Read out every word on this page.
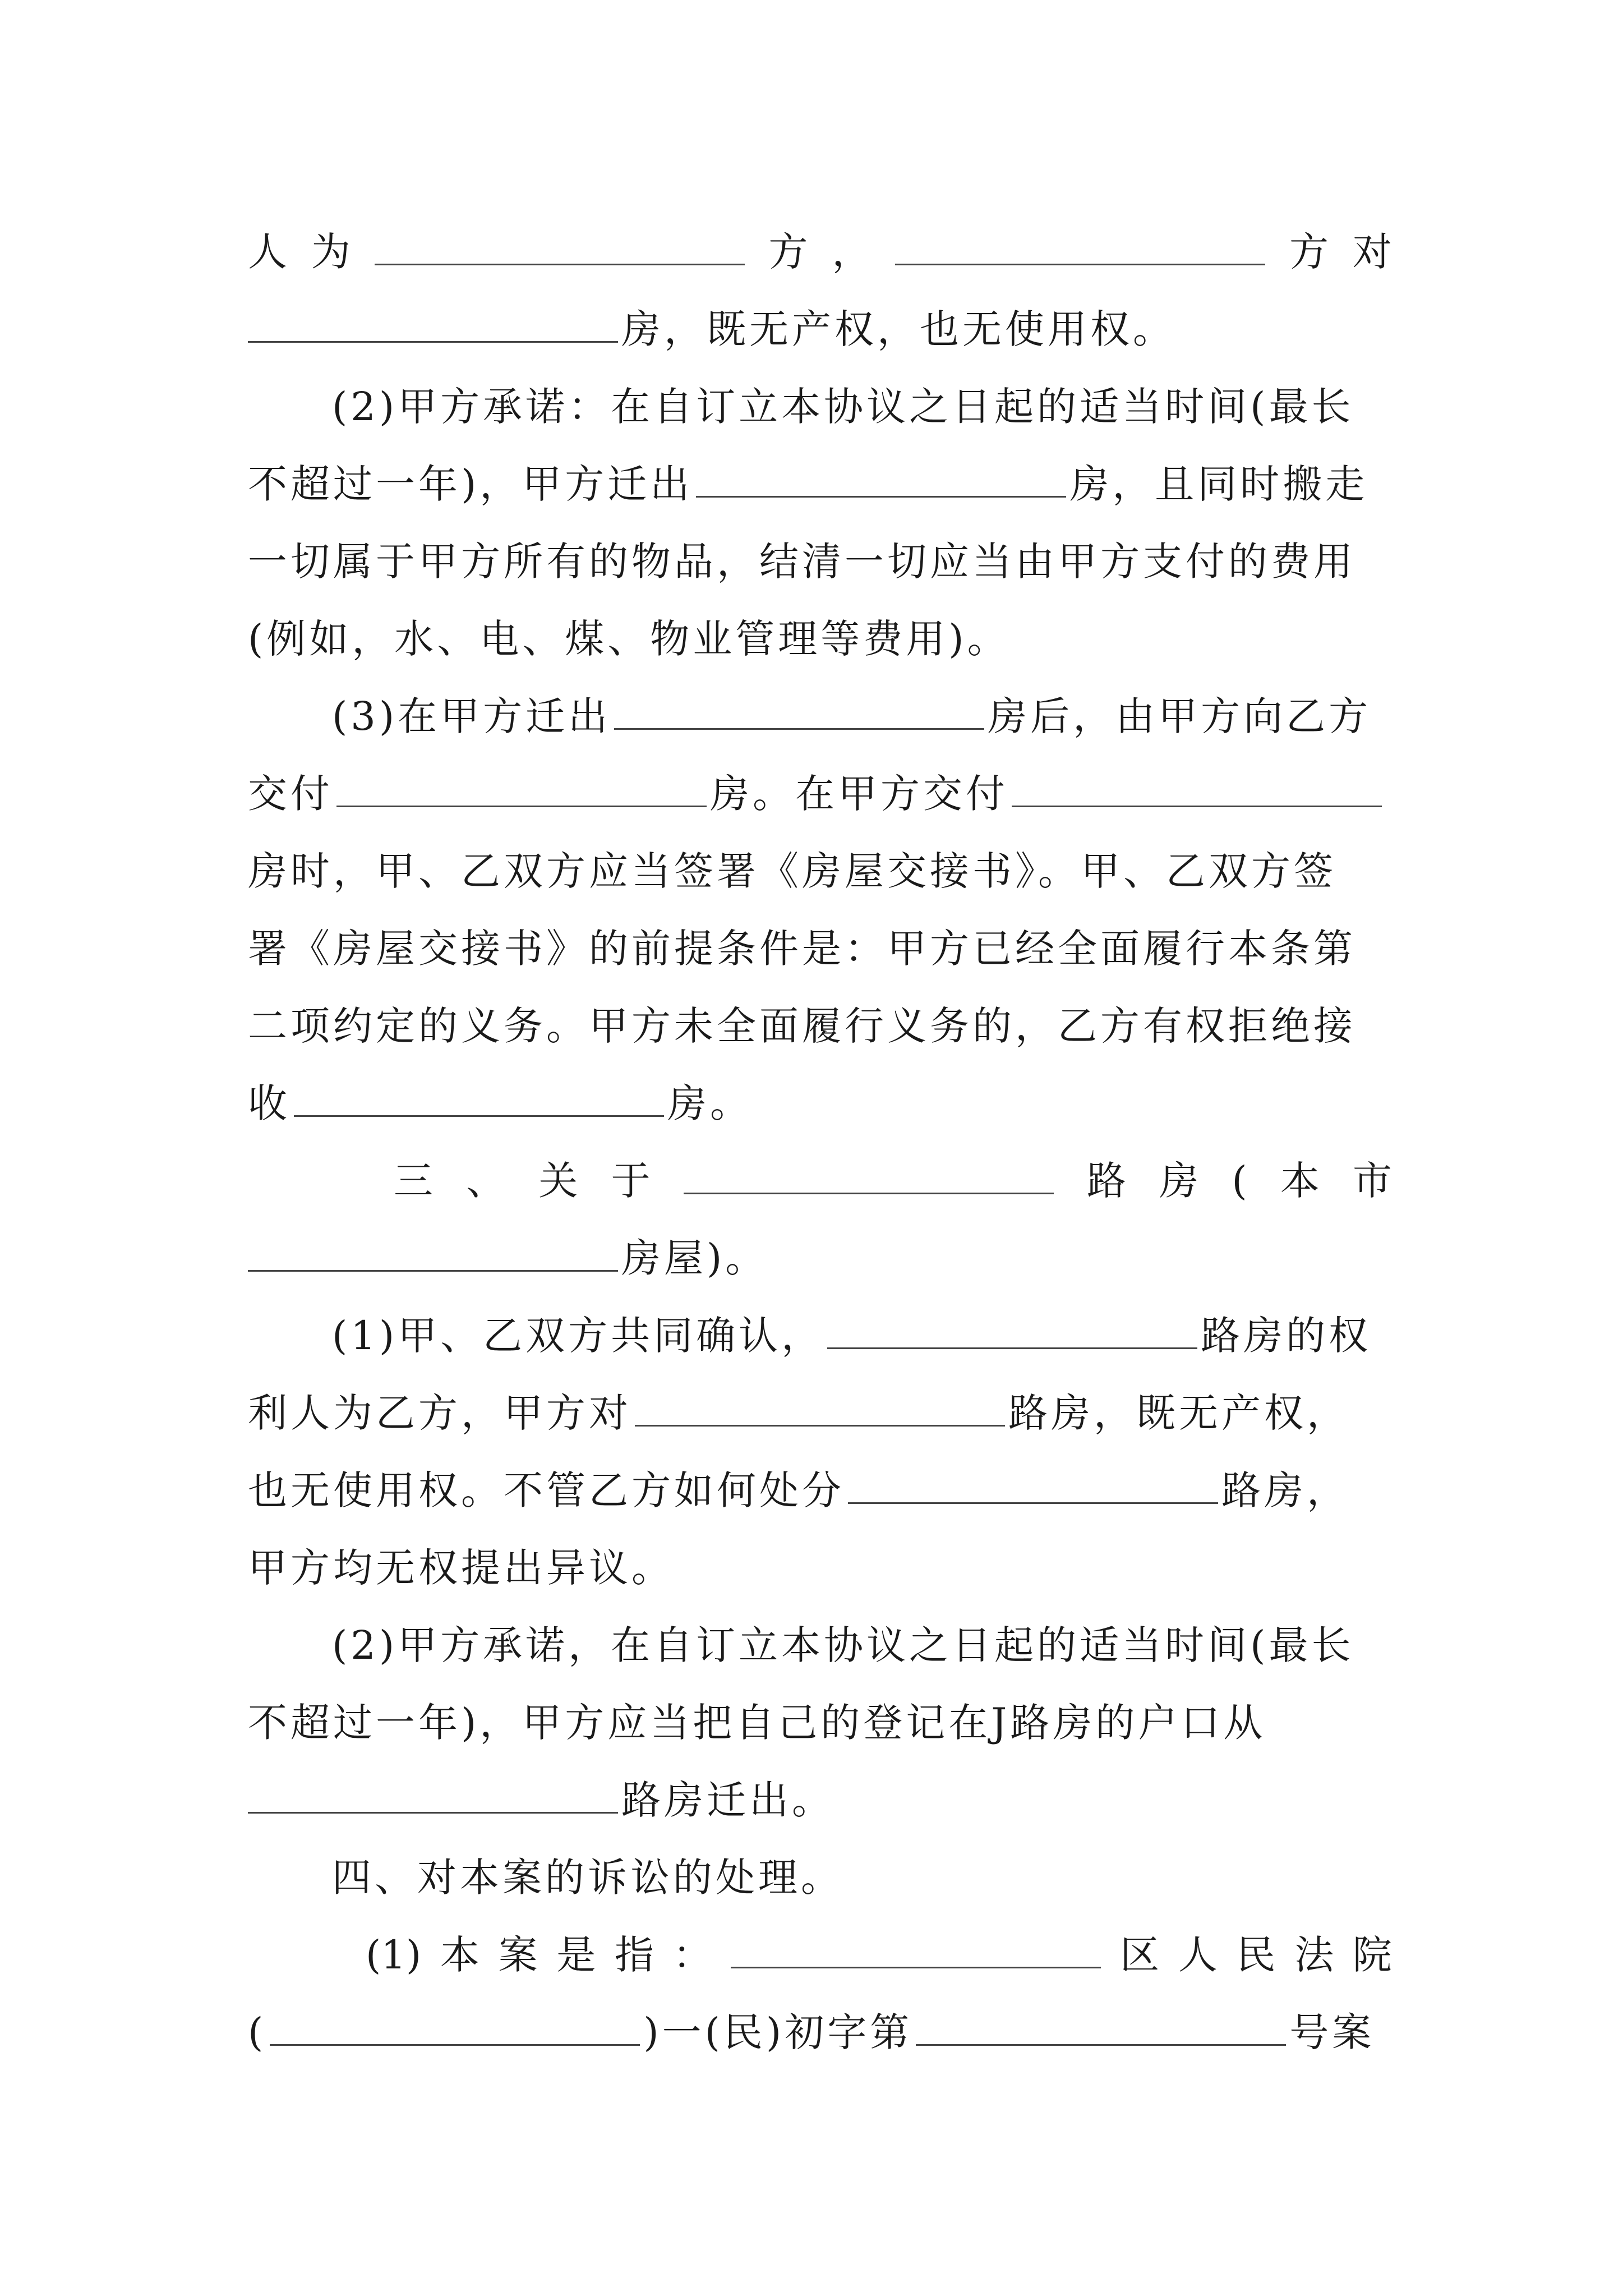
人 为	方 ，	方 对
房，既无产权，也无使用权。
(2)甲方承诺：在自订立本协议之日起的适当时间(最长
不超过一年)，甲方迁出	房，且同时搬走
一切属于甲方所有的物品，结清一切应当由甲方支付的费用
(例如，水、电、煤、物业管理等费用)。
(3)在甲方迁出	房后，由甲方向乙方
交付	房。在甲方交付
房时，甲、乙双方应当签署《房屋交接书》。甲、乙双方签
署《房屋交接书》的前提条件是：甲方已经全面履行本条第
二项约定的义务。甲方未全面履行义务的，乙方有权拒绝接
收	房。
三 、 关 于	路 房 ( 本 市
房屋)。
(1)甲、乙双方共同确认，	路房的权
利人为乙方，甲方对	路房，既无产权，
也无使用权。不管乙方如何处分	路房，
甲方均无权提出异议。
(2)甲方承诺，在自订立本协议之日起的适当时间(最长
不超过一年)，甲方应当把自己的登记在J路房的户口从
路房迁出。
四、对本案的诉讼的处理。
(1) 本 案 是 指 ：	区 人 民 法 院
(	)一(民)初字第	号案
